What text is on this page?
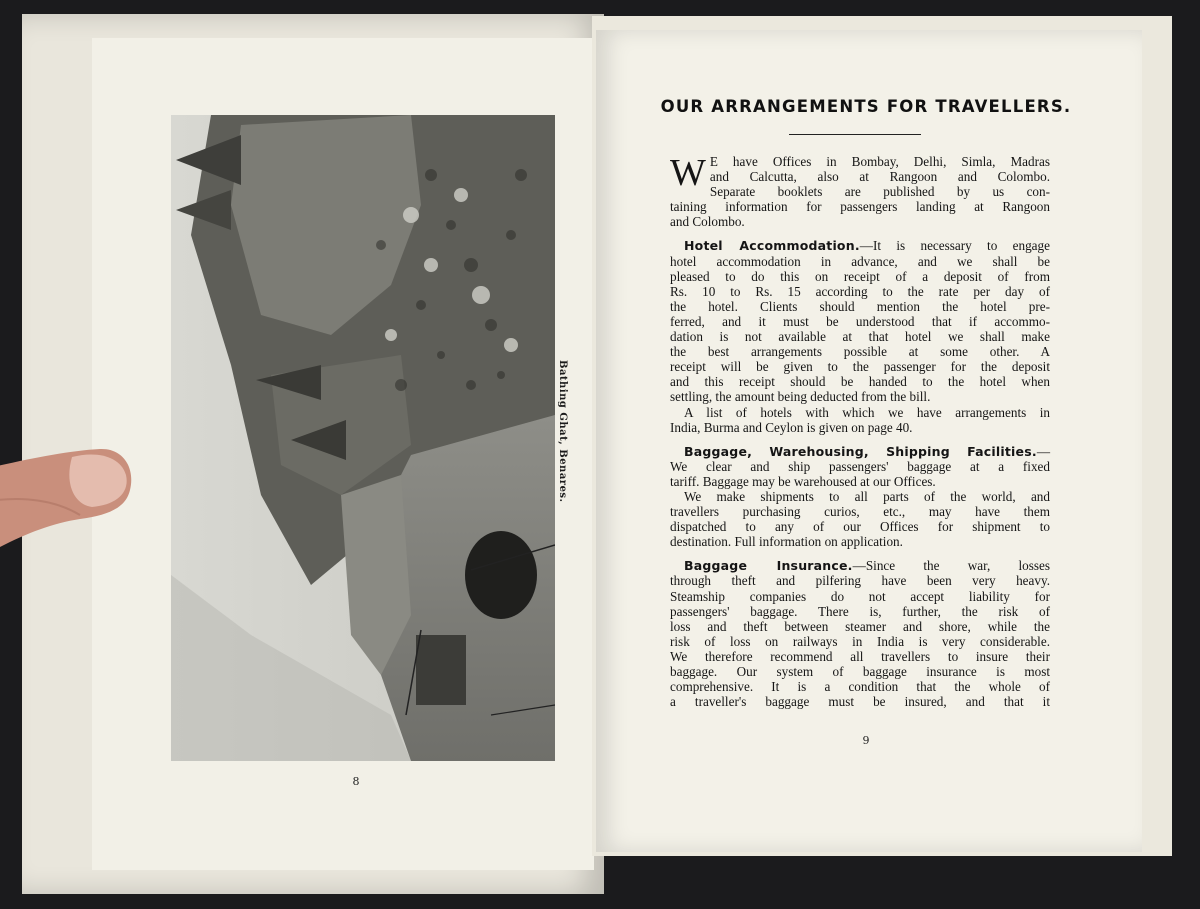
Bathing Ghat, Benares.
8
OUR ARRANGEMENTS FOR TRAVELLERS.
W E have Offices in Bombay, Delhi, Simla, Madras
and Calcutta, also at Rangoon and Colombo.
Separate booklets are published by us con-
taining information for passengers landing at Rangoon
and Colombo.
Hotel Accommodation.—It is necessary to engage
hotel accommodation in advance, and we shall be
pleased to do this on receipt of a deposit of from
Rs. 10 to Rs. 15 according to the rate per day of
the hotel. Clients should mention the hotel pre-
ferred, and it must be understood that if accommo-
dation is not available at that hotel we shall make
the best arrangements possible at some other. A
receipt will be given to the passenger for the deposit
and this receipt should be handed to the hotel when
settling, the amount being deducted from the bill.
A list of hotels with which we have arrangements in
India, Burma and Ceylon is given on page 40.
Baggage, Warehousing, Shipping Facilities.—
We clear and ship passengers' baggage at a fixed
tariff. Baggage may be warehoused at our Offices.
We make shipments to all parts of the world, and
travellers purchasing curios, etc., may have them
dispatched to any of our Offices for shipment to
destination. Full information on application.
Baggage Insurance.—Since the war, losses
through theft and pilfering have been very heavy.
Steamship companies do not accept liability for
passengers' baggage. There is, further, the risk of
loss and theft between steamer and shore, while the
risk of loss on railways in India is very considerable.
We therefore recommend all travellers to insure their
baggage. Our system of baggage insurance is most
comprehensive. It is a condition that the whole of
a traveller's baggage must be insured, and that it
9
